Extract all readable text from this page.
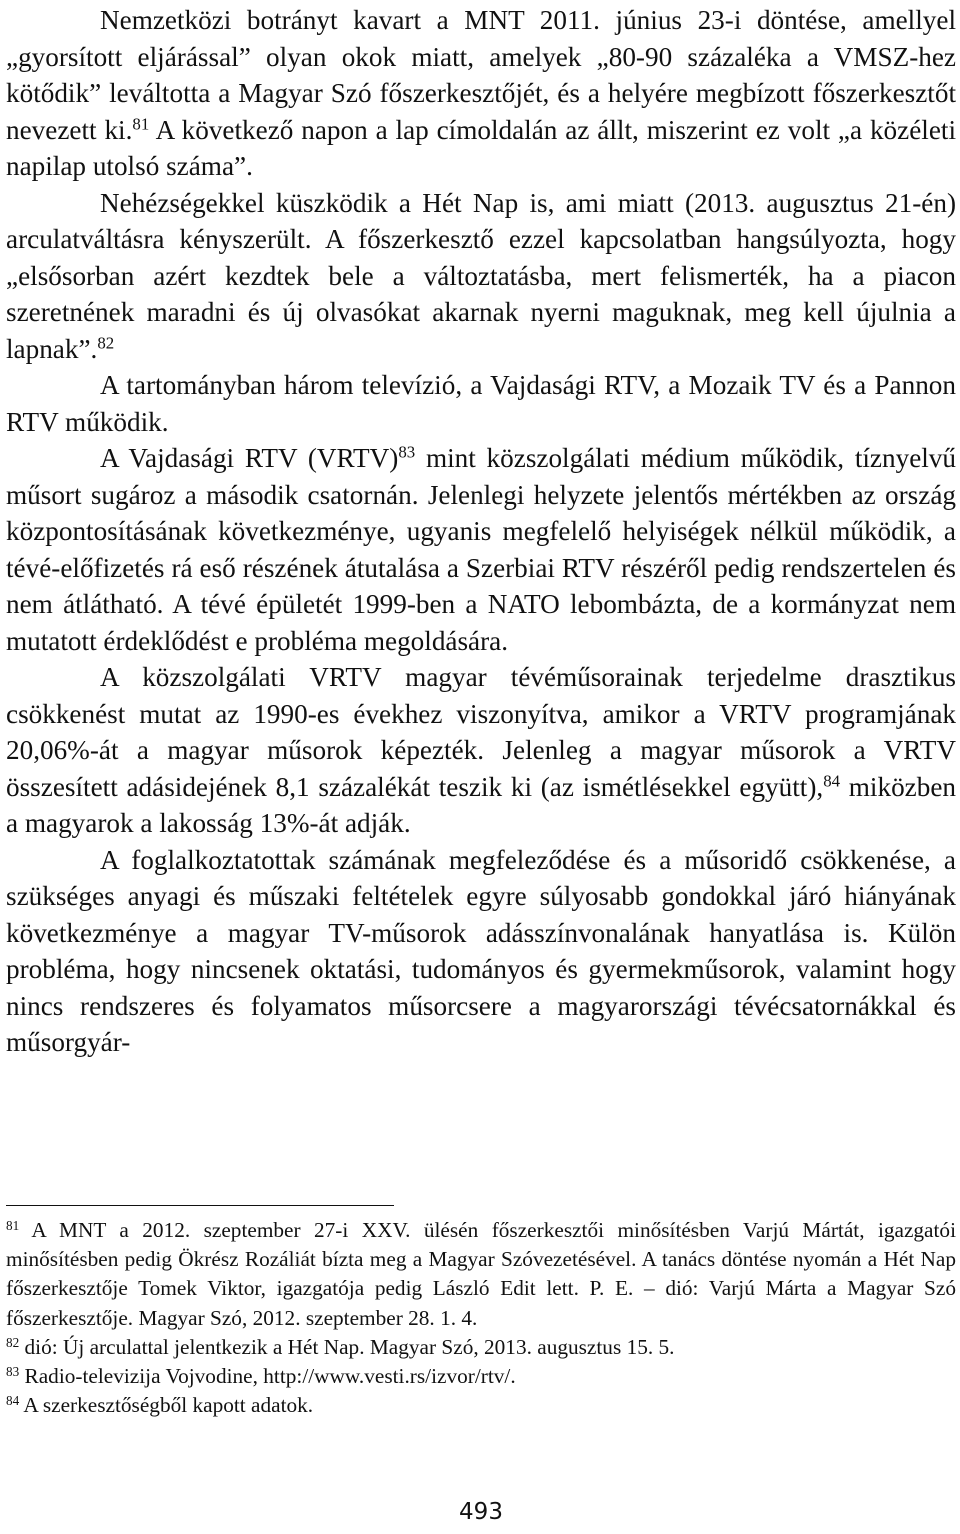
Nemzetközi botrányt kavart a MNT 2011. június 23-i döntése, amellyel „gyorsított eljárással” olyan okok miatt, amelyek „80-90 százaléka a VMSZ-hez kötődik” leváltotta a Magyar Szó főszerkesztőjét, és a helyére megbízott főszerkesztőt nevezett ki.$^{81}$ A következő napon a lap címoldalán az állt, miszerint ez volt „a közéleti napilap utolsó száma”.

Nehézségekkel küszködik a Hét Nap is, ami miatt (2013. augusztus 21-én) arculatváltásra kényszerült. A főszerkesztő ezzel kapcsolatban hangsúlyozta, hogy „elsősorban azért kezdtek bele a változtatásba, mert felismerték, ha a piacon szeretnének maradni és új olvasókat akarnak nyerni maguknak, meg kell újulnia a lapnak”.$^{82}$

A tartományban három televízió, a Vajdasági RTV, a Mozaik TV és a Pannon RTV működik.

A Vajdasági RTV (VRTV)$^{83}$ mint közszolgálati médium működik, tíznyelvű műsort sugároz a második csatornán. Jelenlegi helyzete jelentős mértékben az ország központosításának következménye, ugyanis megfelelő helyiségek nélkül működik, a tévé-előfizetés rá eső részének átutalása a Szerbiai RTV részéről pedig rendszertelen és nem átlátható. A tévé épületét 1999-ben a NATO lebombázta, de a kormányzat nem mutatott érdeklődést e probléma megoldására.

A közszolgálati VRTV magyar tévéműsorainak terjedelme drasztikus csökkenést mutat az 1990-es évekhez viszonyítva, amikor a VRTV programjának 20,06%-át a magyar műsorok képezték. Jelenleg a magyar műsorok a VRTV összesített adásidejének 8,1 százalékát teszik ki (az ismétlésekkel együtt),$^{84}$ miközben a magyarok a lakosság 13%-át adják.

A foglalkoztatottak számának megfeleződése és a műsoridő csökkenése, a szükséges anyagi és műszaki feltételek egyre súlyosabb gondokkal járó hiányának következménye a magyar TV-műsorok adásszínvonalának hanyatlása is. Külön probléma, hogy nincsenek oktatási, tudományos és gyermekműsorok, valamint hogy nincs rendszeres és folyamatos műsorcsere a magyarországi tévécsatornákkal és műsorgyár-

$^{81}$ A MNT a 2012. szeptember 27-i XXV. ülésén főszerkesztői minősítésben Varjú Mártát, igazgatói minősítésben pedig Ökrész Rozáliát bízta meg a Magyar Szóvezetésével. A tanács döntése nyomán a Hét Nap főszerkesztője Tomek Viktor, igazgatója pedig László Edit lett. P. E. – dió: Varjú Márta a Magyar Szó főszerkesztője. Magyar Szó, 2012. szeptember 28. 1. 4.

$^{82}$ dió: Új arculattal jelentkezik a Hét Nap. Magyar Szó, 2013. augusztus 15. 5.

$^{83}$ Radio-televizija Vojvodine, http://www.vesti.rs/izvor/rtv/.

$^{84}$ A szerkesztőségből kapott adatok.

493
